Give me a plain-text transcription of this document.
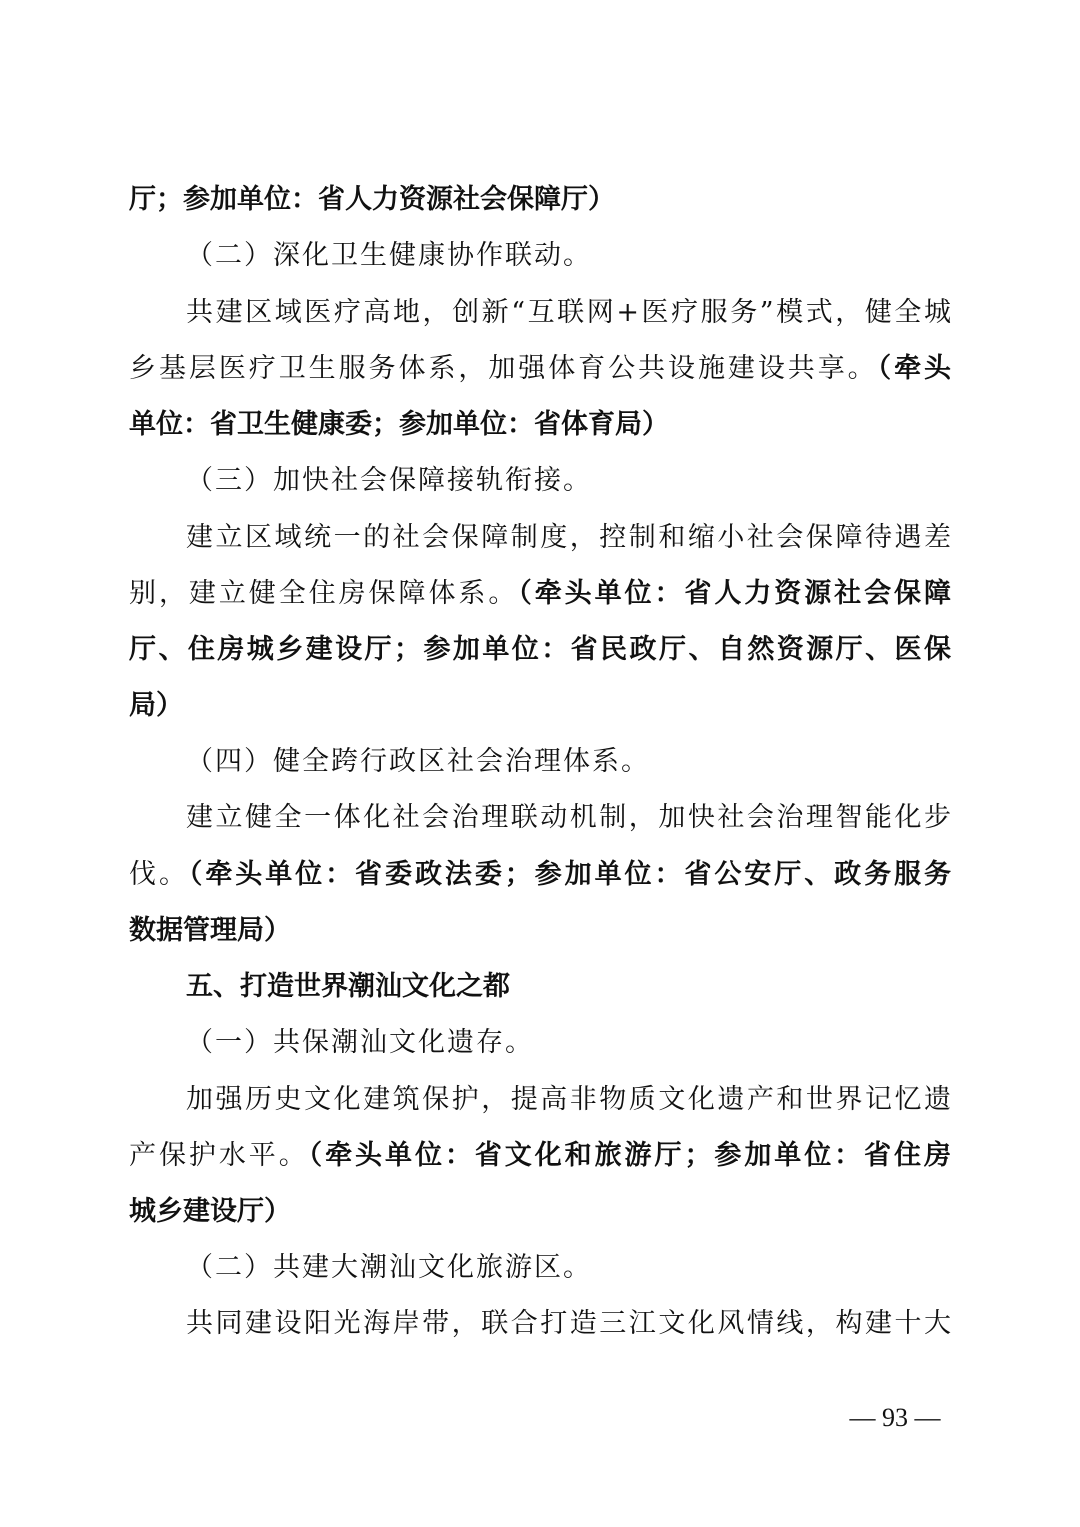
厅；参加单位：省人力资源社会保障厅）
（二）深化卫生健康协作联动。
共建区域医疗高地，创新“互联网+医疗服务”模式，健全城
乡基层医疗卫生服务体系，加强体育公共设施建设共享。（牵头
单位：省卫生健康委；参加单位：省体育局）
（三）加快社会保障接轨衔接。
建立区域统一的社会保障制度，控制和缩小社会保障待遇差
别，建立健全住房保障体系。（牵头单位：省人力资源社会保障
厅、住房城乡建设厅；参加单位：省民政厅、自然资源厅、医保
局）
（四）健全跨行政区社会治理体系。
建立健全一体化社会治理联动机制，加快社会治理智能化步
伐。（牵头单位：省委政法委；参加单位：省公安厅、政务服务
数据管理局）
五、打造世界潮汕文化之都
（一）共保潮汕文化遗存。
加强历史文化建筑保护，提高非物质文化遗产和世界记忆遗
产保护水平。（牵头单位：省文化和旅游厅；参加单位：省住房
城乡建设厅）
（二）共建大潮汕文化旅游区。
共同建设阳光海岸带，联合打造三江文化风情线，构建十大
— 93 —
